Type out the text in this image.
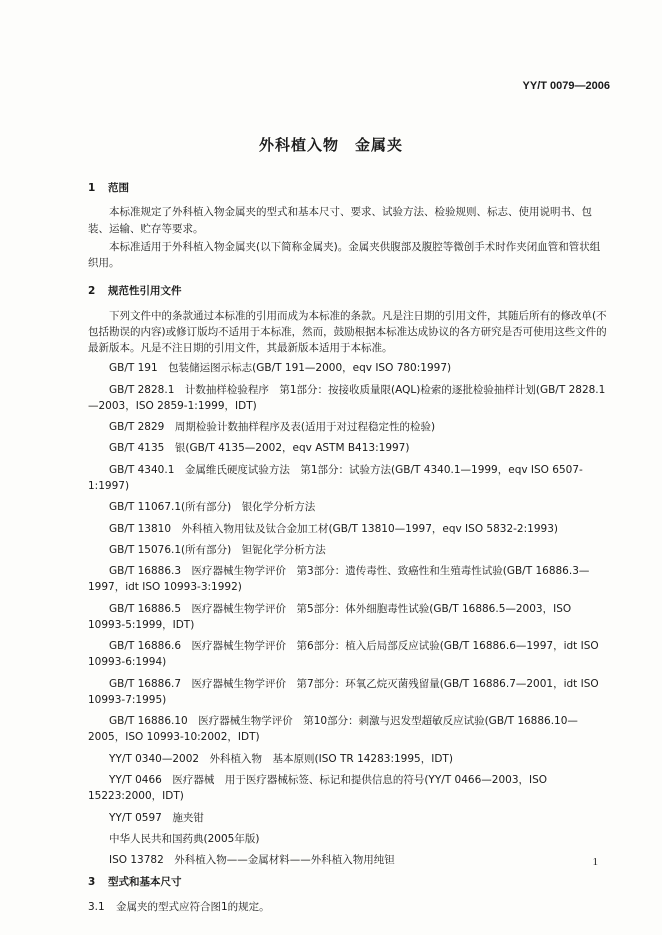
YY/T 0079—2006
外科植入物　金属夹
1 范围

本标准规定了外科植入物金属夹的型式和基本尺寸、要求、试验方法、检验规则、标志、使用说明书、包装、运输、贮存等要求。

本标准适用于外科植入物金属夹(以下简称金属夹)。金属夹供腹部及腹腔等微创手术时作夹闭血管和管状组织用。

2 规范性引用文件

下列文件中的条款通过本标准的引用而成为本标准的条款。凡是注日期的引用文件，其随后所有的修改单(不包括勘误的内容)或修订版均不适用于本标准，然而，鼓励根据本标准达成协议的各方研究是否可使用这些文件的最新版本。凡是不注日期的引用文件，其最新版本适用于本标准。

GB/T 191　包装储运图示标志(GB/T 191—2000，eqv ISO 780:1997)

GB/T 2828.1　计数抽样检验程序　第1部分：按接收质量限(AQL)检索的逐批检验抽样计划(GB/T 2828.1—2003，ISO 2859-1:1999，IDT)

GB/T 2829　周期检验计数抽样程序及表(适用于对过程稳定性的检验)

GB/T 4135　银(GB/T 4135—2002，eqv ASTM B413:1997)

GB/T 4340.1　金属维氏硬度试验方法　第1部分：试验方法(GB/T 4340.1—1999，eqv ISO 6507-1:1997)

GB/T 11067.1(所有部分)　银化学分析方法

GB/T 13810　外科植入物用钛及钛合金加工材(GB/T 13810—1997，eqv ISO 5832-2:1993)

GB/T 15076.1(所有部分)　钽铌化学分析方法

GB/T 16886.3　医疗器械生物学评价　第3部分：遗传毒性、致癌性和生殖毒性试验(GB/T 16886.3—1997，idt ISO 10993-3:1992)

GB/T 16886.5　医疗器械生物学评价　第5部分：体外细胞毒性试验(GB/T 16886.5—2003，ISO 10993-5:1999，IDT)

GB/T 16886.6　医疗器械生物学评价　第6部分：植入后局部反应试验(GB/T 16886.6—1997，idt ISO 10993-6:1994)

GB/T 16886.7　医疗器械生物学评价　第7部分：环氧乙烷灭菌残留量(GB/T 16886.7—2001，idt ISO 10993-7:1995)

GB/T 16886.10　医疗器械生物学评价　第10部分：刺激与迟发型超敏反应试验(GB/T 16886.10—2005，ISO 10993-10:2002，IDT)

YY/T 0340—2002　外科植入物　基本原则(ISO TR 14283:1995，IDT)

YY/T 0466　医疗器械　用于医疗器械标签、标记和提供信息的符号(YY/T 0466—2003，ISO 15223:2000，IDT)

YY/T 0597　施夹钳

中华人民共和国药典(2005年版)

ISO 13782　外科植入物——金属材料——外科植入物用纯钽

3 型式和基本尺寸

3.1 金属夹的型式应符合图1的规定。

1
